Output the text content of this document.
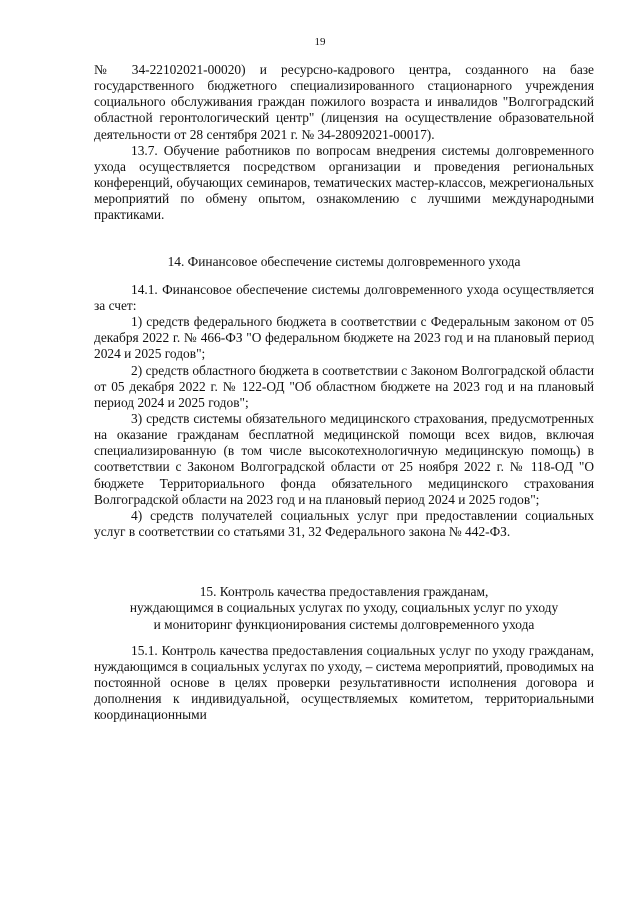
19

№ 34-22102021-00020) и ресурсно-кадрового центра, созданного на базе государственного бюджетного специализированного стационарного учреждения социального обслуживания граждан пожилого возраста и инвалидов "Волгоградский областной геронтологический центр" (лицензия на осуществление образовательной деятельности от 28 сентября 2021 г. № 34-28092021-00017).

13.7. Обучение работников по вопросам внедрения системы долговременного ухода осуществляется посредством организации и проведения региональных конференций, обучающих семинаров, тематических мастер-классов, межрегиональных мероприятий по обмену опытом, ознакомлению с лучшими международными практиками.

14. Финансовое обеспечение системы долговременного ухода

14.1. Финансовое обеспечение системы долговременного ухода осуществляется за счет:

1) средств федерального бюджета в соответствии с Федеральным законом от 05 декабря 2022 г. № 466-ФЗ "О федеральном бюджете на 2023 год и на плановый период 2024 и 2025 годов";

2) средств областного бюджета в соответствии с Законом Волгоградской области от 05 декабря 2022 г. № 122-ОД "Об областном бюджете на 2023 год и на плановый период 2024 и 2025 годов";

3) средств системы обязательного медицинского страхования, предусмотренных на оказание гражданам бесплатной медицинской помощи всех видов, включая специализированную (в том числе высокотехнологичную медицинскую помощь) в соответствии с Законом Волгоградской области от 25 ноября 2022 г. № 118-ОД "О бюджете Территориального фонда обязательного медицинского страхования Волгоградской области на 2023 год и на плановый период 2024 и 2025 годов";

4) средств получателей социальных услуг при предоставлении социальных услуг в соответствии со статьями 31, 32 Федерального закона № 442-ФЗ.

15. Контроль качества предоставления гражданам,

нуждающимся в социальных услугах по уходу, социальных услуг по уходу

и мониторинг функционирования системы долговременного ухода

15.1. Контроль качества предоставления социальных услуг по уходу гражданам, нуждающимся в социальных услугах по уходу, – система мероприятий, проводимых на постоянной основе в целях проверки результативности исполнения договора и дополнения к индивидуальной, осуществляемых комитетом, территориальными координационными
